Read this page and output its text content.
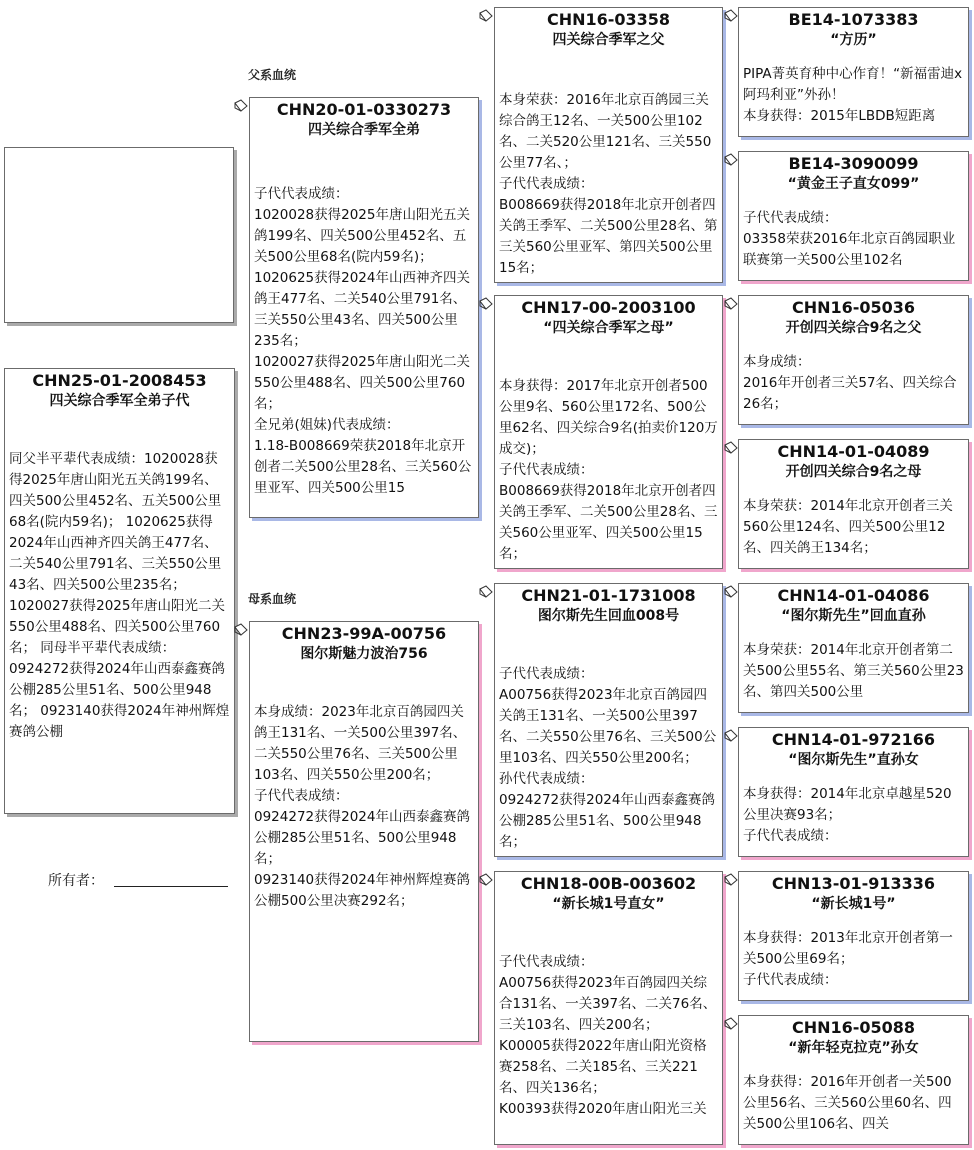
CHN25-01-2008453
四关综合季军全弟子代
同父半平辈代表成绩：1020028获得2025年唐山阳光五关鸽199名、四关500公里452名、五关500公里68名(院内59名)； 1020625获得2024年山西神齐四关鸽王477名、二关540公里791名、三关550公里43名、四关500公里235名；1020027获得2025年唐山阳光二关550公里488名、四关500公里760名； 同母半平辈代表成绩： 0924272获得2024年山西泰鑫赛鸽公棚285公里51名、500公里948名； 0923140获得2024年神州辉煌赛鸽公棚
所有者：
父系血统
母系血统
CHN20-01-0330273
四关综合季军全弟
子代代表成绩：
1020028获得2025年唐山阳光五关鸽199名、四关500公里452名、五关500公里68名(院内59名)；
1020625获得2024年山西神齐四关鸽王477名、二关540公里791名、三关550公里43名、四关500公里235名；
1020027获得2025年唐山阳光二关550公里488名、四关500公里760名；
全兄弟(姐妹)代表成绩：
1.18-B008669荣获2018年北京开创者二关500公里28名、三关560公里亚军、四关500公里15
CHN23-99A-00756
图尔斯魅力波治756
本身成绩：2023年北京百鸽园四关鸽王131名、一关500公里397名、二关550公里76名、三关500公里103名、四关550公里200名；
子代代表成绩：
0924272获得2024年山西泰鑫赛鸽公棚285公里51名、500公里948名；
0923140获得2024年神州辉煌赛鸽公棚500公里决赛292名；
CHN16-03358
四关综合季军之父
本身荣获：2016年北京百鸽园三关综合鸽王12名、一关500公里102名、二关520公里121名、三关550公里77名、；
子代代表成绩：
B008669获得2018年北京开创者四关鸽王季军、二关500公里28名、第三关560公里亚军、第四关500公里15名；
CHN17-00-2003100
“四关综合季军之母”
本身获得：2017年北京开创者500公里9名、560公里172名、500公里62名、四关综合9名(拍卖价120万成交)；
子代代表成绩：
B008669获得2018年北京开创者四关鸽王季军、二关500公里28名、三关560公里亚军、四关500公里15名；
CHN21-01-1731008
图尔斯先生回血008号
子代代表成绩：
A00756获得2023年北京百鸽园四关鸽王131名、一关500公里397名、二关550公里76名、三关500公里103名、四关550公里200名；
孙代代表成绩：
0924272获得2024年山西泰鑫赛鸽公棚285公里51名、500公里948名；
CHN18-00B-003602
“新长城1号直女”
子代代表成绩：
A00756获得2023年百鸽园四关综合131名、一关397名、二关76名、三关103名、四关200名；
K00005获得2022年唐山阳光资格赛258名、二关185名、三关221名、四关136名；
K00393获得2020年唐山阳光三关
BE14-1073383
“方历”
PIPA菁英育种中心作育！“新福雷迪x阿玛利亚”外孙！
本身获得：2015年LBDB短距离
BE14-3090099
“黄金王子直女099”
子代代表成绩：
03358荣获2016年北京百鸽园职业联赛第一关500公里102名
CHN16-05036
开创四关综合9名之父
本身成绩：
2016年开创者三关57名、四关综合26名；
CHN14-01-04089
开创四关综合9名之母
本身荣获：2014年北京开创者三关560公里124名、四关500公里12名、四关鸽王134名；
CHN14-01-04086
“图尔斯先生”回血直孙
本身荣获：2014年北京开创者第二关500公里55名、第三关560公里23名、第四关500公里
CHN14-01-972166
“图尔斯先生”直孙女
本身获得：2014年北京卓越星520公里决赛93名；
子代代表成绩：
CHN13-01-913336
“新长城1号”
本身获得：2013年北京开创者第一关500公里69名；
子代代表成绩：
CHN16-05088
“新年轻克拉克”孙女
本身获得：2016年开创者一关500公里56名、三关560公里60名、四关500公里106名、四关
